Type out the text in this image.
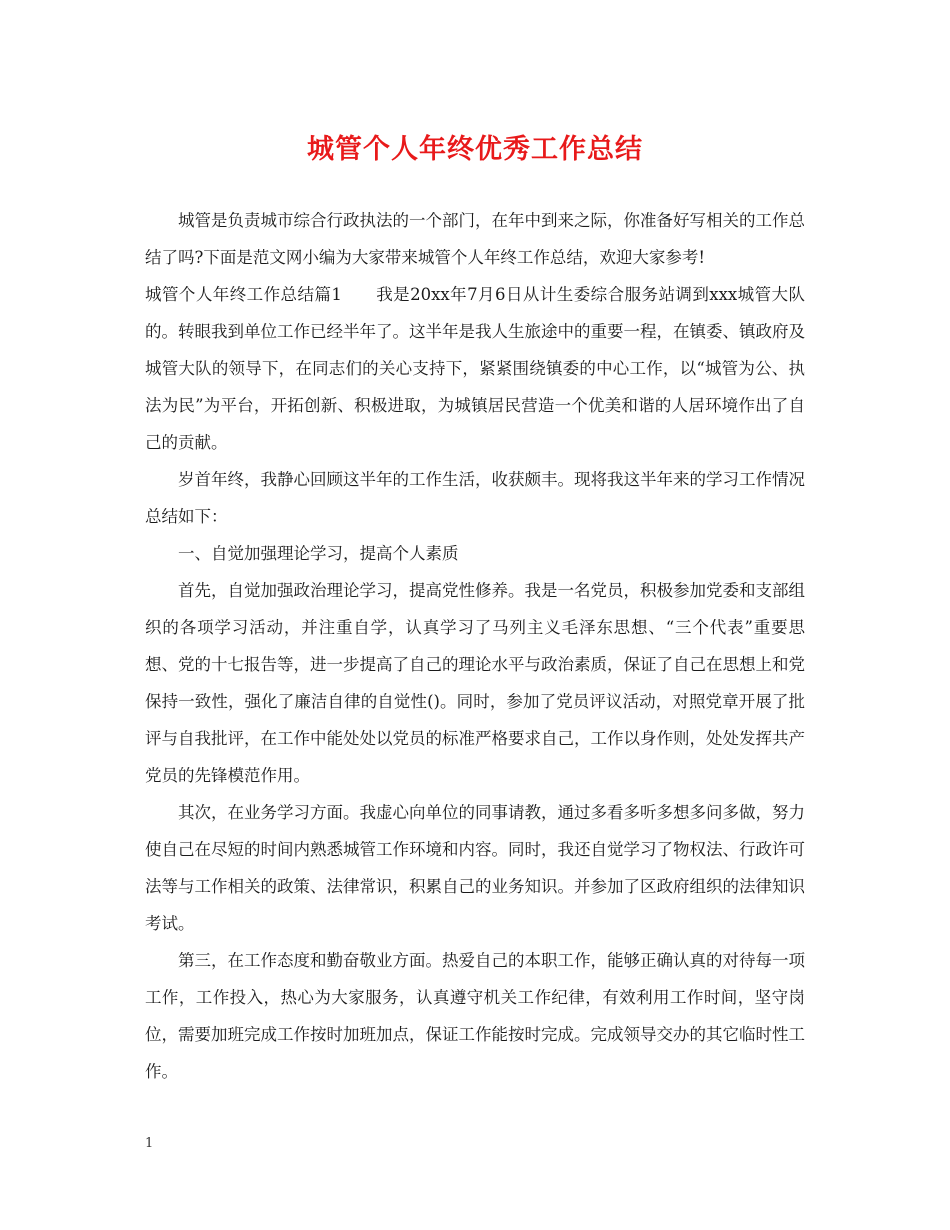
城管个人年终优秀工作总结

城管是负责城市综合行政执法的一个部门，在年中到来之际，你准备好写相关的工作总结了吗?下面是范文网小编为大家带来城管个人年终工作总结，欢迎大家参考!

城管个人年终工作总结篇1　　我是20xx年7月6日从计生委综合服务站调到xxx城管大队的。转眼我到单位工作已经半年了。这半年是我人生旅途中的重要一程，在镇委、镇政府及城管大队的领导下，在同志们的关心支持下，紧紧围绕镇委的中心工作，以“城管为公、执法为民”为平台，开拓创新、积极进取，为城镇居民营造一个优美和谐的人居环境作出了自己的贡献。

岁首年终，我静心回顾这半年的工作生活，收获颇丰。现将我这半年来的学习工作情况总结如下：

一、自觉加强理论学习，提高个人素质

首先，自觉加强政治理论学习，提高党性修养。我是一名党员，积极参加党委和支部组织的各项学习活动，并注重自学，认真学习了马列主义毛泽东思想、“三个代表”重要思想、党的十七报告等，进一步提高了自己的理论水平与政治素质，保证了自己在思想上和党保持一致性，强化了廉洁自律的自觉性()。同时，参加了党员评议活动，对照党章开展了批评与自我批评，在工作中能处处以党员的标准严格要求自己，工作以身作则，处处发挥共产党员的先锋模范作用。

其次，在业务学习方面。我虚心向单位的同事请教，通过多看多听多想多问多做，努力使自己在尽短的时间内熟悉城管工作环境和内容。同时，我还自觉学习了物权法、行政许可法等与工作相关的政策、法律常识，积累自己的业务知识。并参加了区政府组织的法律知识考试。

第三，在工作态度和勤奋敬业方面。热爱自己的本职工作，能够正确认真的对待每一项工作，工作投入，热心为大家服务，认真遵守机关工作纪律，有效利用工作时间，坚守岗位，需要加班完成工作按时加班加点，保证工作能按时完成。完成领导交办的其它临时性工作。

1
